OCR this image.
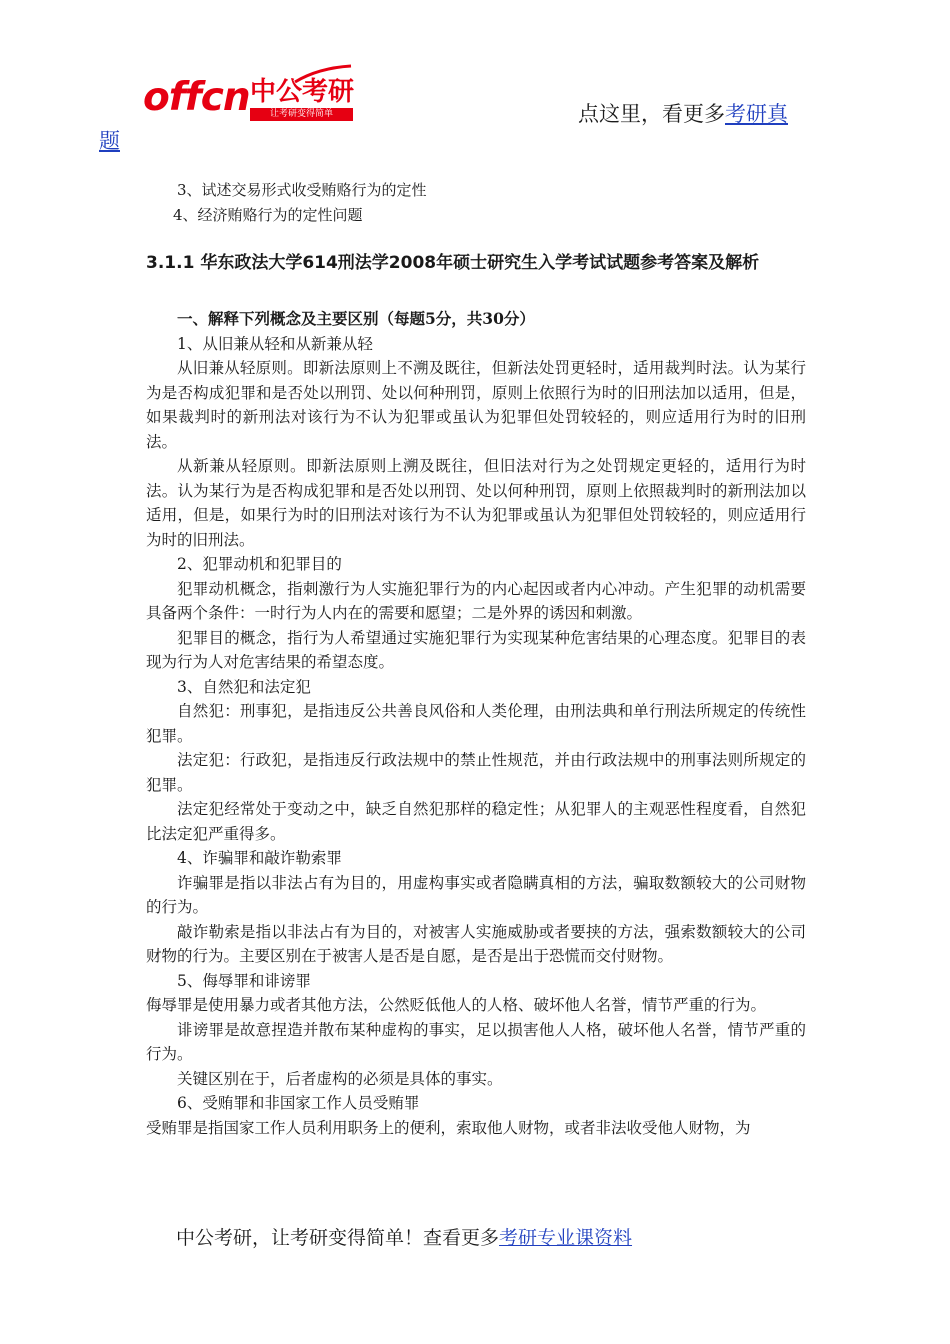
offcn 中公考研
让考研变得简单	点这里，看更多考研真
题

3、试述交易形式收受贿赂行为的定性

4、经济贿赂行为的定性问题

3.1.1 华东政法大学614刑法学2008年硕士研究生入学考试试题参考答案及解析

一、解释下列概念及主要区别（每题5分，共30分）

1、从旧兼从轻和从新兼从轻

从旧兼从轻原则。即新法原则上不溯及既往，但新法处罚更轻时，适用裁判时法。认为某行为是否构成犯罪和是否处以刑罚、处以何种刑罚，原则上依照行为时的旧刑法加以适用，但是，如果裁判时的新刑法对该行为不认为犯罪或虽认为犯罪但处罚较轻的，则应适用行为时的旧刑法。

从新兼从轻原则。即新法原则上溯及既往，但旧法对行为之处罚规定更轻的，适用行为时法。认为某行为是否构成犯罪和是否处以刑罚、处以何种刑罚，原则上依照裁判时的新刑法加以适用，但是，如果行为时的旧刑法对该行为不认为犯罪或虽认为犯罪但处罚较轻的，则应适用行为时的旧刑法。

2、犯罪动机和犯罪目的

犯罪动机概念，指刺激行为人实施犯罪行为的内心起因或者内心冲动。产生犯罪的动机需要具备两个条件：一时行为人内在的需要和愿望；二是外界的诱因和刺激。

犯罪目的概念，指行为人希望通过实施犯罪行为实现某种危害结果的心理态度。犯罪目的表现为行为人对危害结果的希望态度。

3、自然犯和法定犯

自然犯：刑事犯，是指违反公共善良风俗和人类伦理，由刑法典和单行刑法所规定的传统性犯罪。

法定犯：行政犯，是指违反行政法规中的禁止性规范，并由行政法规中的刑事法则所规定的犯罪。

法定犯经常处于变动之中，缺乏自然犯那样的稳定性；从犯罪人的主观恶性程度看，自然犯比法定犯严重得多。

4、诈骗罪和敲诈勒索罪

诈骗罪是指以非法占有为目的，用虚构事实或者隐瞒真相的方法，骗取数额较大的公司财物的行为。

敲诈勒索是指以非法占有为目的，对被害人实施威胁或者要挟的方法，强索数额较大的公司财物的行为。主要区别在于被害人是否是自愿，是否是出于恐慌而交付财物。

5、侮辱罪和诽谤罪

侮辱罪是使用暴力或者其他方法，公然贬低他人的人格、破坏他人名誉，情节严重的行为。

诽谤罪是故意捏造并散布某种虚构的事实，足以损害他人人格，破坏他人名誉，情节严重的行为。

关键区别在于，后者虚构的必须是具体的事实。

6、受贿罪和非国家工作人员受贿罪

受贿罪是指国家工作人员利用职务上的便利，索取他人财物，或者非法收受他人财物，为

中公考研，让考研变得简单！查看更多考研专业课资料
